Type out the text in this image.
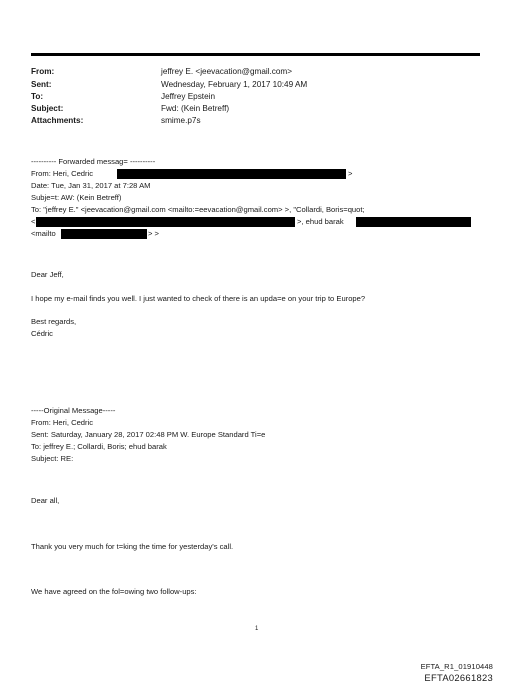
From:	jeffrey E. <jeevacation@gmail.com>
Sent:	Wednesday, February 1, 2017 10:49 AM
To:	Jeffrey Epstein
Subject:	Fwd: (Kein Betreff)
Attachments:	smime.p7s
---------- Forwarded messag= ----------
From: Heri, Cedric	>
Date: Tue, Jan 31, 2017 at 7:28 AM
Subje=t: AW: (Kein Betreff)
To: "jeffrey E." <jeevacation@gmail.com <mailto:=eevacation@gmail.com> >, "Collardi, Boris=quot;
<	>, ehud barak
<mailto	> >
Dear Jeff,
I hope my e-mail finds you well. I just wanted to check of there is an upda=e on your trip to Europe?
Best regards,
Cédric
-----Original Message-----
From: Heri, Cedric
Sent: Saturday, January 28, 2017 02:48 PM W. Europe Standard Ti=e
To: jeffrey E.; Collardi, Boris; ehud barak
Subject: RE:
Dear all,
Thank you very much for t=king the time for yesterday's call.
We have agreed on the fol=owing two follow-ups:
1
EFTA_R1_01910448
EFTA02661823
